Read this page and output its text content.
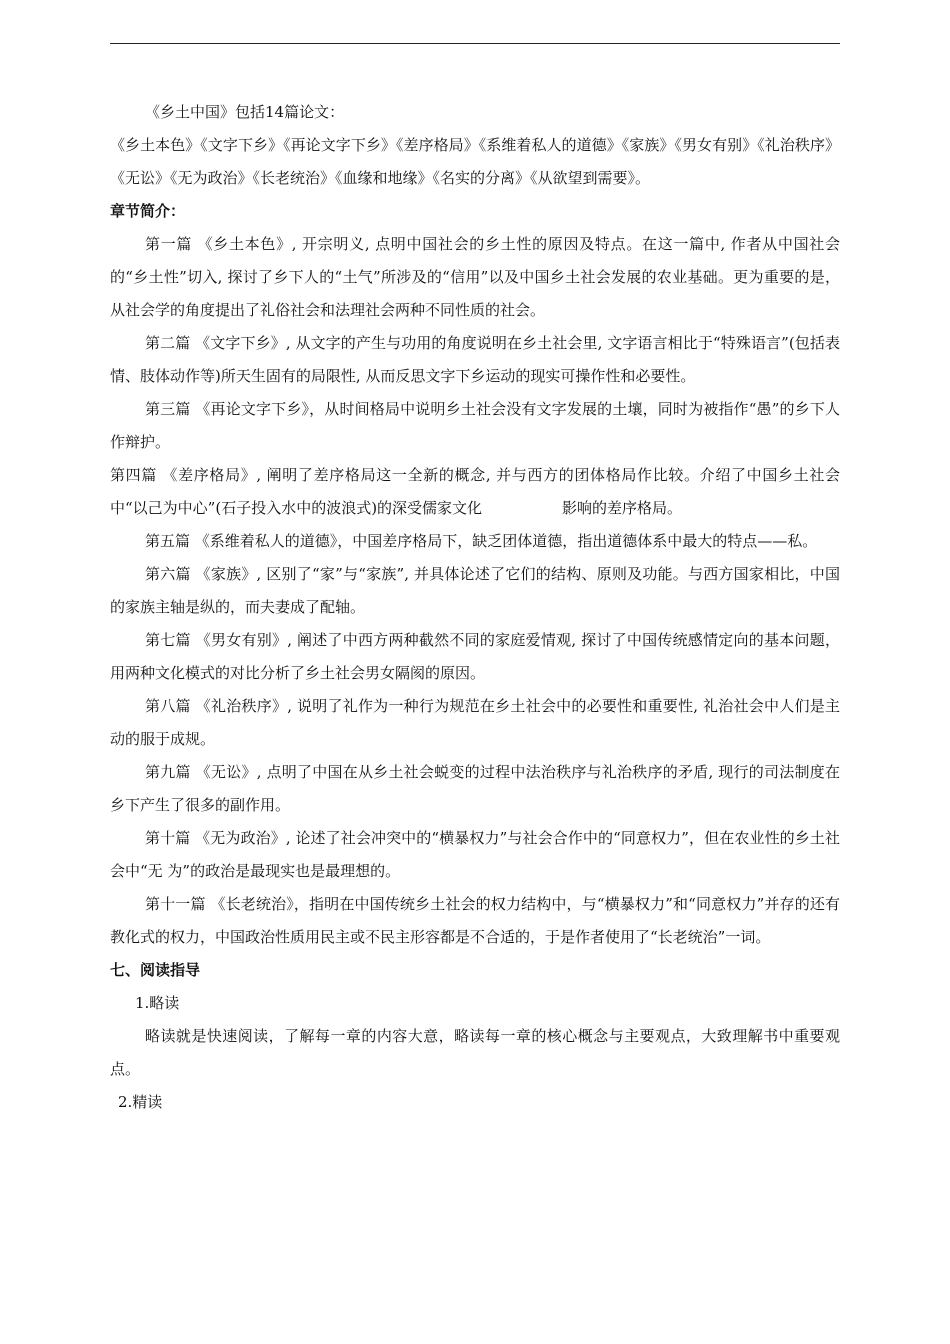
《乡土中国》包括14篇论文：

《乡土本色》《文字下乡》《再论文字下乡》《差序格局》《系维着私人的道德》《家族》《男女有别》《礼治秩序》《无讼》《无为政治》《长老统治》《血缘和地缘》《名实的分离》《从欲望到需要》。

章节简介：

第一篇 《乡土本色》, 开宗明义, 点明中国社会的乡土性的原因及特点。在这一篇中, 作者从中国社会的“乡土性”切入, 探讨了乡下人的“土气”所涉及的“信用”以及中国乡土社会发展的农业基础。更为重要的是，从社会学的角度提出了礼俗社会和法理社会两种不同性质的社会。

第二篇 《文字下乡》, 从文字的产生与功用的角度说明在乡土社会里, 文字语言相比于“特殊语言”(包括表情、肢体动作等)所天生固有的局限性, 从而反思文字下乡运动的现实可操作性和必要性。

第三篇 《再论文字下乡》，从时间格局中说明乡土社会没有文字发展的土壤，同时为被指作“愚”的乡下人作辩护。

第四篇 《差序格局》, 阐明了差序格局这一全新的概念, 并与西方的团体格局作比较。介绍了中国乡土社会中“以己为中心”(石子投入水中的波浪式)的深受儒家文化	影响的差序格局。

第五篇 《系维着私人的道德》，中国差序格局下，缺乏团体道德，指出道德体系中最大的特点——私。

第六篇 《家族》, 区别了“家”与“家族”, 并具体论述了它们的结构、原则及功能。与西方国家相比，中国的家族主轴是纵的，而夫妻成了配轴。

第七篇 《男女有别》, 阐述了中西方两种截然不同的家庭爱情观, 探讨了中国传统感情定向的基本问题，用两种文化模式的对比分析了乡土社会男女隔阂的原因。

第八篇 《礼治秩序》, 说明了礼作为一种行为规范在乡土社会中的必要性和重要性, 礼治社会中人们是主动的服于成规。

第九篇 《无讼》, 点明了中国在从乡土社会蜕变的过程中法治秩序与礼治秩序的矛盾, 现行的司法制度在乡下产生了很多的副作用。

第十篇 《无为政治》, 论述了社会冲突中的“横暴权力”与社会合作中的“同意权力”，但在农业性的乡土社会中“无 为”的政治是最现实也是最理想的。

第十一篇 《长老统治》，指明在中国传统乡土社会的权力结构中，与“横暴权力”和“同意权力”并存的还有教化式的权力，中国政治性质用民主或不民主形容都是不合适的，于是作者使用了“长老统治”一词。

七、阅读指导

1.略读

略读就是快速阅读，了解每一章的内容大意，略读每一章的核心概念与主要观点，大致理解书中重要观点。

2.精读
